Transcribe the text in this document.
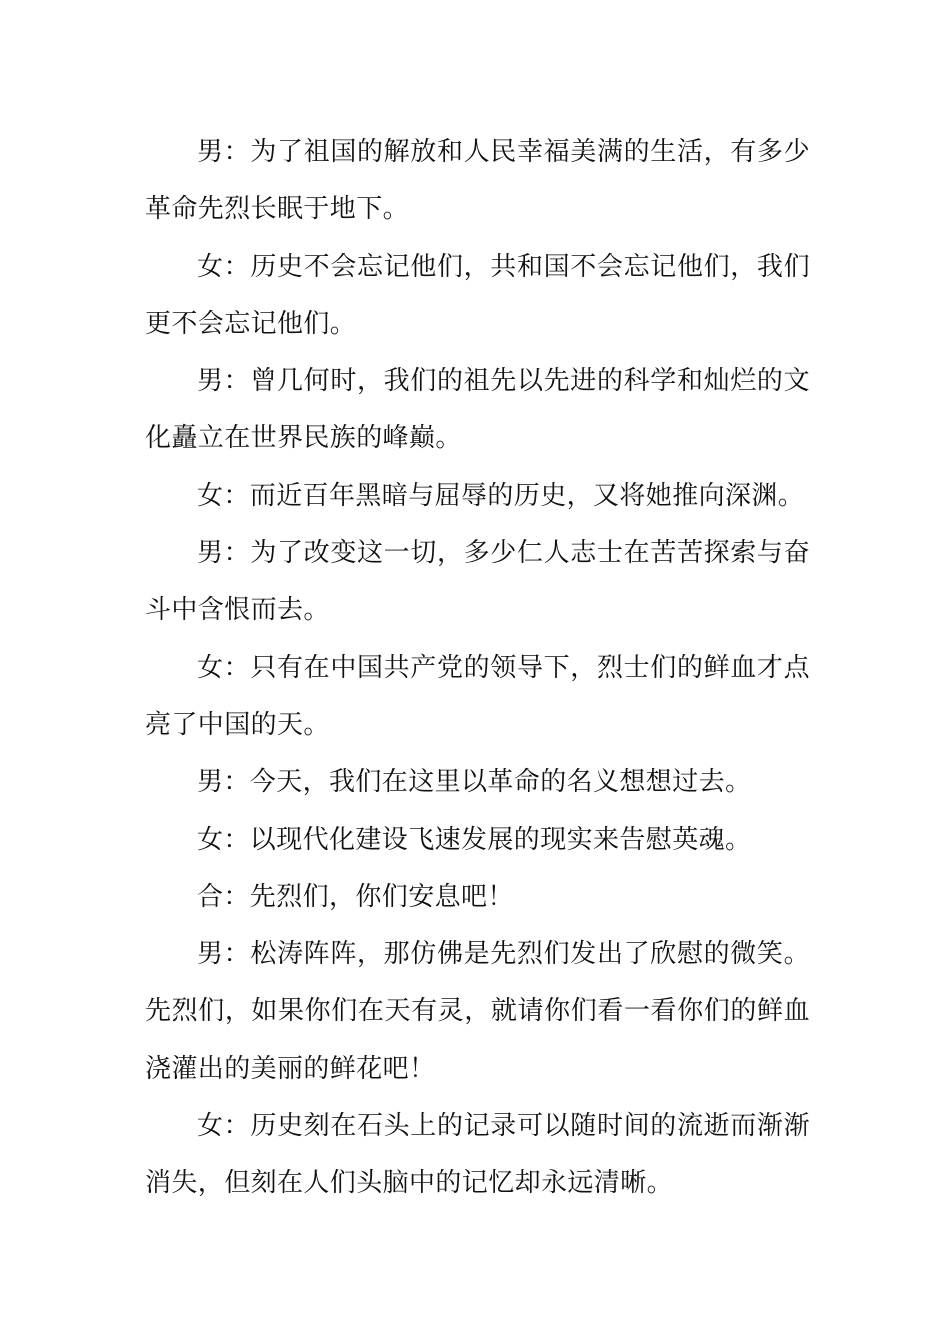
男：为了祖国的解放和人民幸福美满的生活，有多少革命先烈长眠于地下。

女：历史不会忘记他们，共和国不会忘记他们，我们更不会忘记他们。

男：曾几何时，我们的祖先以先进的科学和灿烂的文化矗立在世界民族的峰巅。

女：而近百年黑暗与屈辱的历史，又将她推向深渊。

男：为了改变这一切，多少仁人志士在苦苦探索与奋斗中含恨而去。

女：只有在中国共产党的领导下，烈士们的鲜血才点亮了中国的天。

男：今天，我们在这里以革命的名义想想过去。

女：以现代化建设飞速发展的现实来告慰英魂。

合：先烈们，你们安息吧！

男：松涛阵阵，那仿佛是先烈们发出了欣慰的微笑。先烈们，如果你们在天有灵，就请你们看一看你们的鲜血浇灌出的美丽的鲜花吧！

女：历史刻在石头上的记录可以随时间的流逝而渐渐消失，但刻在人们头脑中的记忆却永远清晰。
